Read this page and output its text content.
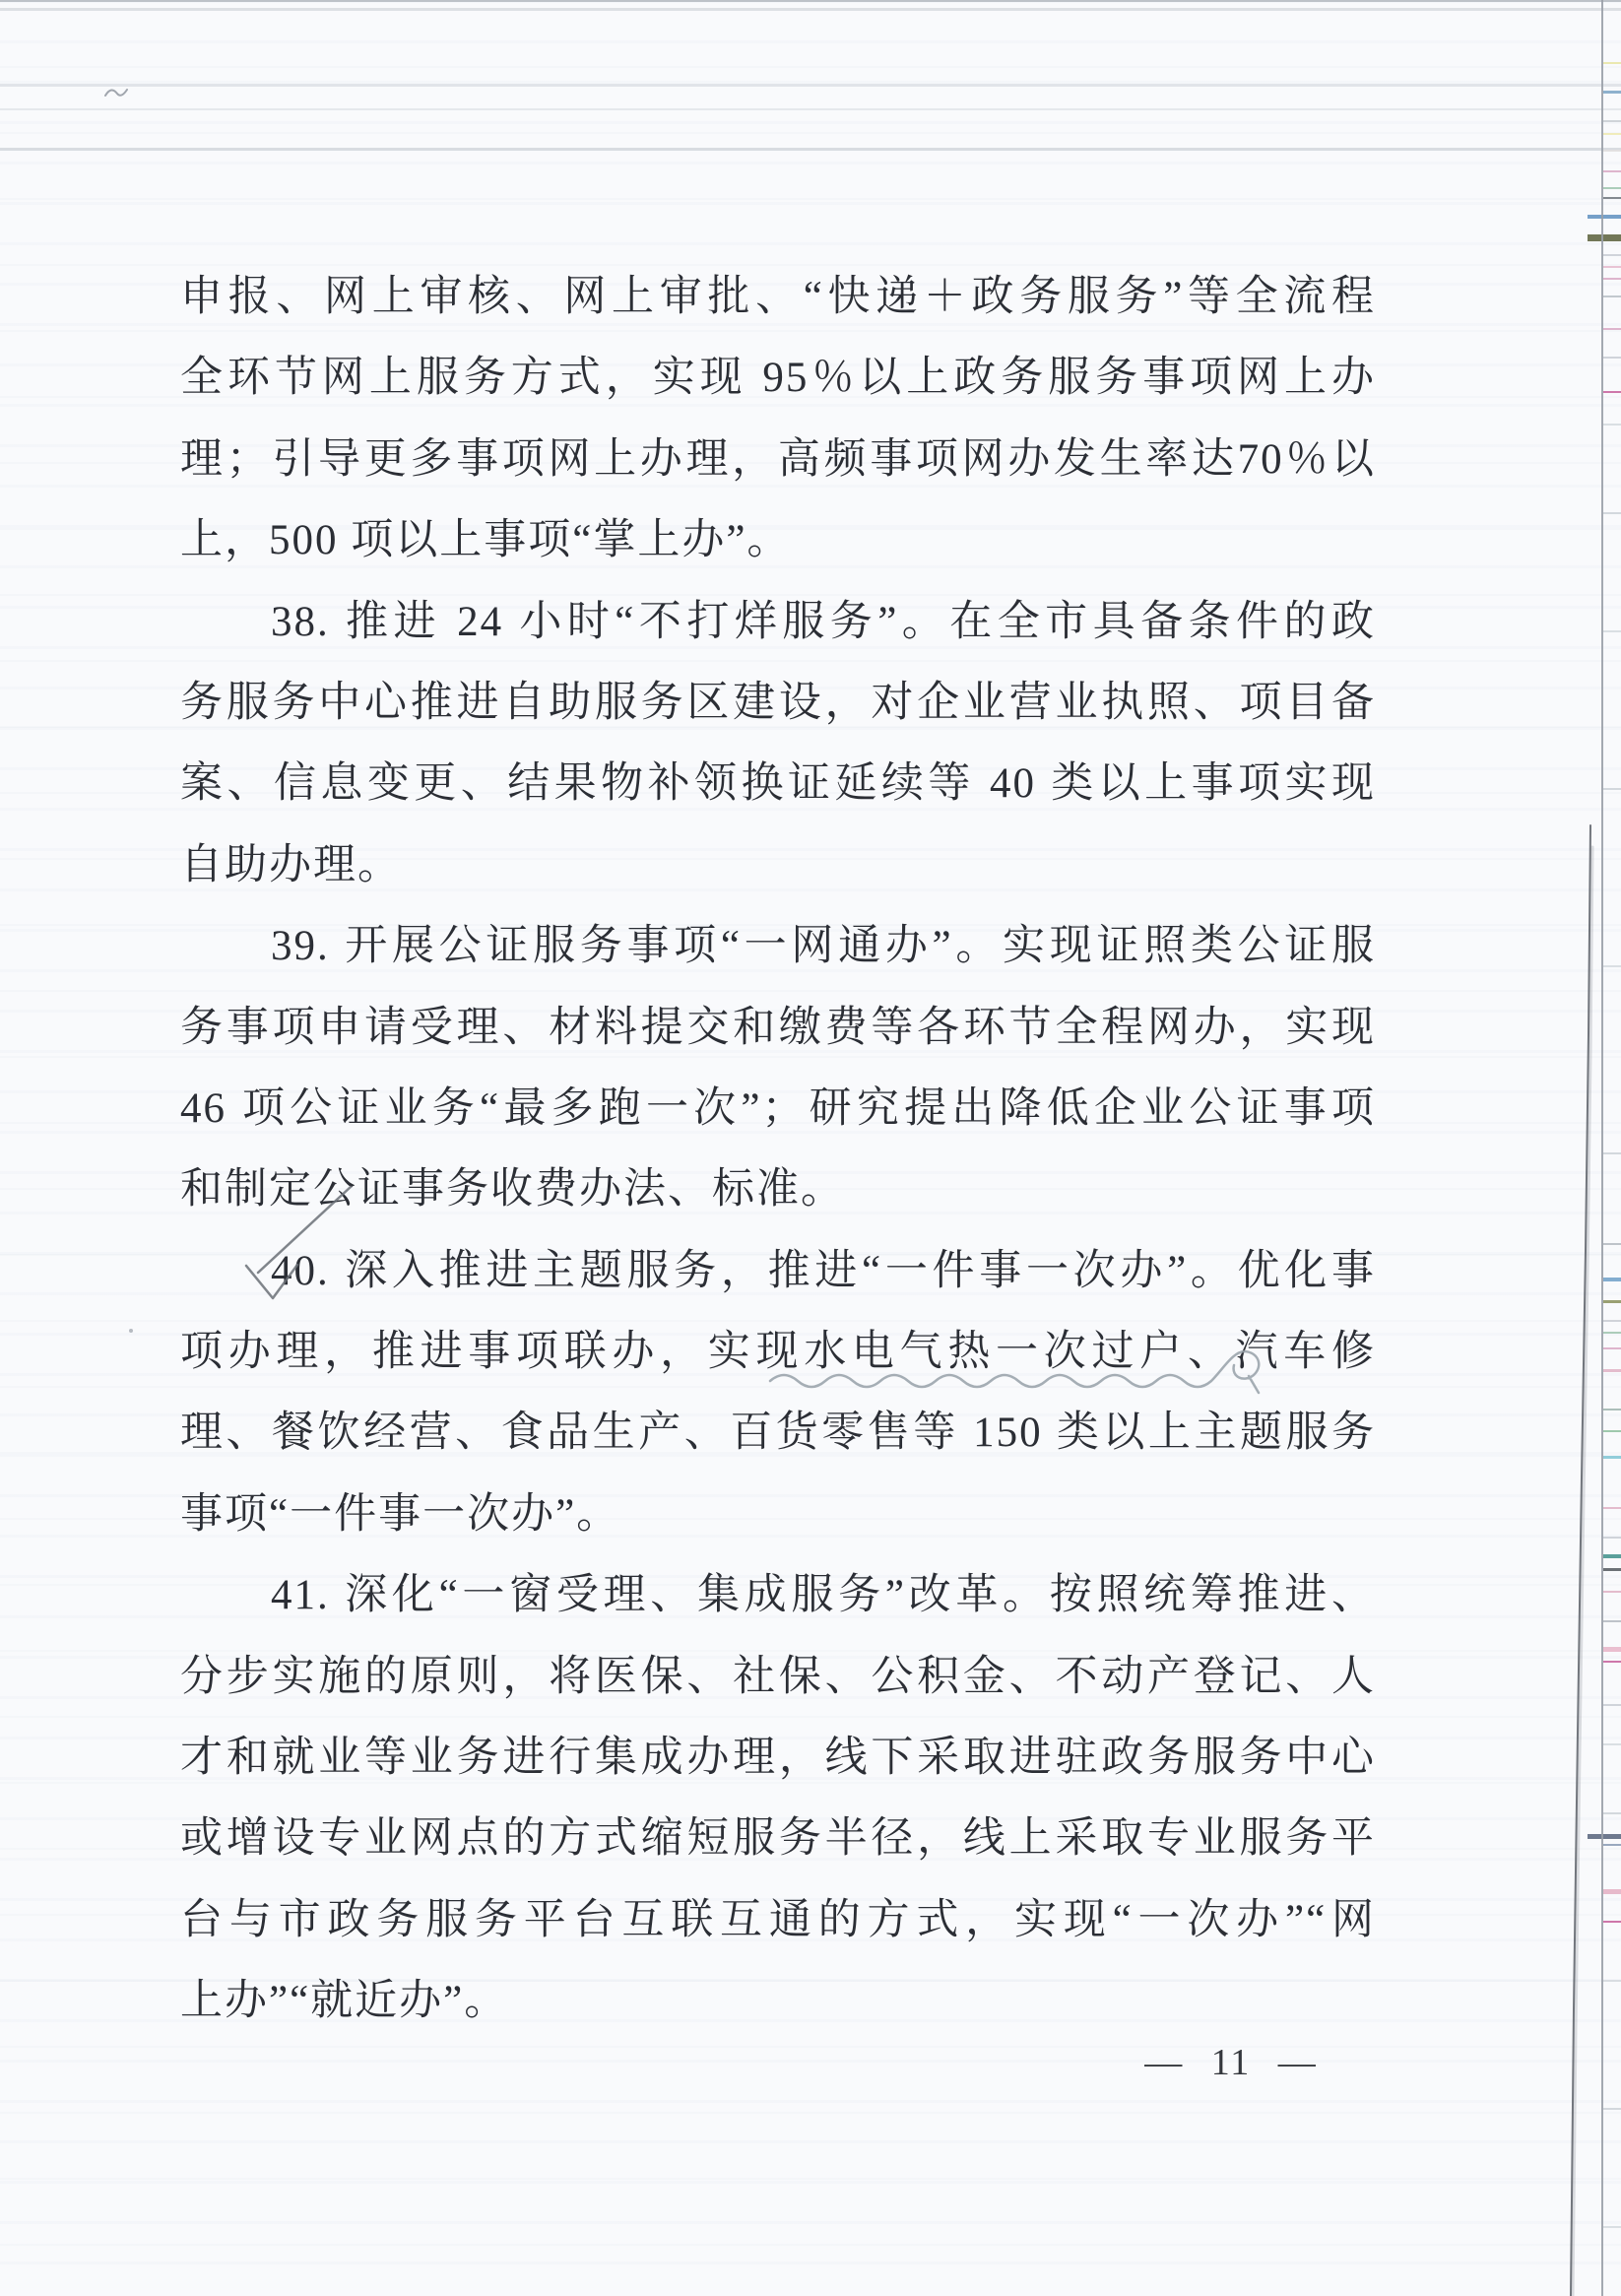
申报、网上审核、网上审批、“快递＋政务服务”等全流程
全环节网上服务方式，实现 95％以上政务服务事项网上办
理；引导更多事项网上办理，高频事项网办发生率达70％以
上，500 项以上事项“掌上办”。
38. 推进 24 小时“不打烊服务”。在全市具备条件的政
务服务中心推进自助服务区建设，对企业营业执照、项目备
案、信息变更、结果物补领换证延续等 40 类以上事项实现
自助办理。
39. 开展公证服务事项“一网通办”。实现证照类公证服
务事项申请受理、材料提交和缴费等各环节全程网办，实现
46 项公证业务“最多跑一次”；研究提出降低企业公证事项
和制定公证事务收费办法、标准。
40. 深入推进主题服务，推进“一件事一次办”。优化事
项办理，推进事项联办，实现水电气热一次过户、汽车修
理、餐饮经营、食品生产、百货零售等 150 类以上主题服务
事项“一件事一次办”。
41. 深化“一窗受理、集成服务”改革。按照统筹推进、
分步实施的原则，将医保、社保、公积金、不动产登记、人
才和就业等业务进行集成办理，线下采取进驻政务服务中心
或增设专业网点的方式缩短服务半径，线上采取专业服务平
台与市政务服务平台互联互通的方式，实现“一次办”“网
上办”“就近办”。
— 11 —
